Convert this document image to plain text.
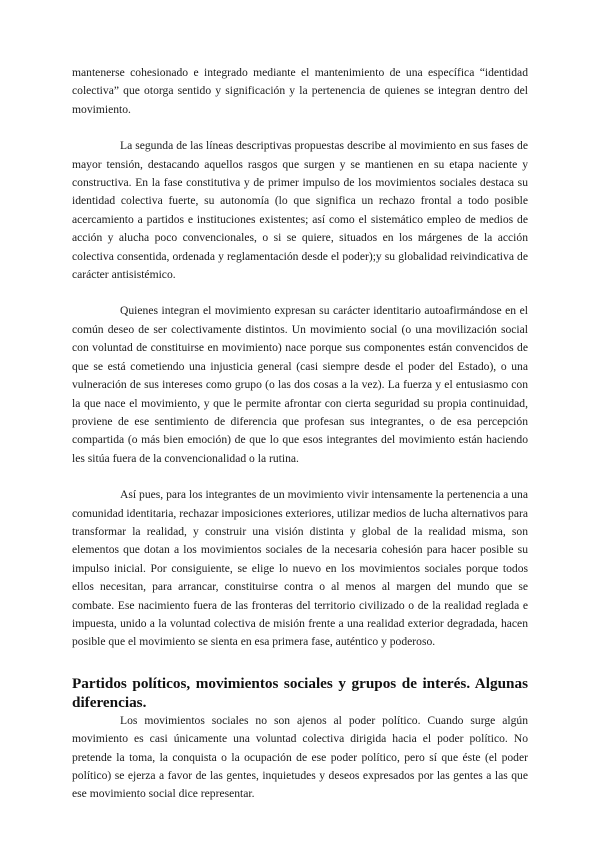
mantenerse cohesionado e integrado mediante el mantenimiento de una específica “identidad colectiva” que otorga sentido y significación y la pertenencia de quienes se integran dentro del movimiento.

La segunda de las líneas descriptivas propuestas describe al movimiento en sus fases de mayor tensión, destacando aquellos rasgos que surgen y se mantienen en su etapa naciente y constructiva. En la fase constitutiva y de primer impulso de los movimientos sociales destaca su identidad colectiva fuerte, su autonomía (lo que significa un rechazo frontal a todo posible acercamiento a partidos e instituciones existentes; así como el sistemático empleo de medios de acción y alucha poco convencionales, o si se quiere, situados en los márgenes de la acción colectiva consentida, ordenada y reglamentación desde el poder);y su globalidad reivindicativa de carácter antisistémico.

Quienes integran el movimiento expresan su carácter identitario autoafirmándose en el común deseo de ser colectivamente distintos. Un movimiento social (o una movilización social con voluntad de constituirse en movimiento) nace porque sus componentes están convencidos de que se está cometiendo una injusticia general (casi siempre desde el poder del Estado), o una vulneración de sus intereses como grupo (o las dos cosas a la vez). La fuerza y el entusiasmo con la que nace el movimiento, y que le permite afrontar con cierta seguridad su propia continuidad, proviene de ese sentimiento de diferencia que profesan sus integrantes, o de esa percepción compartida (o más bien emoción) de que lo que esos integrantes del movimiento están haciendo les sitúa fuera de la convencionalidad o la rutina.

Así pues, para los integrantes de un movimiento vivir intensamente la pertenencia a una comunidad identitaria, rechazar imposiciones exteriores, utilizar medios de lucha alternativos para transformar la realidad, y construir una visión distinta y global de la realidad misma, son elementos que dotan a los movimientos sociales de la necesaria cohesión para hacer posible su impulso inicial. Por consiguiente, se elige lo nuevo en los movimientos sociales porque todos ellos necesitan, para arrancar, constituirse contra o al menos al margen del mundo que se combate. Ese nacimiento fuera de las fronteras del territorio civilizado o de la realidad reglada e impuesta, unido a la voluntad colectiva de misión frente a una realidad exterior degradada, hacen posible que el movimiento se sienta en esa primera fase, auténtico y poderoso.

Partidos políticos, movimientos sociales y grupos de interés. Algunas diferencias.

Los movimientos sociales no son ajenos al poder político. Cuando surge algún movimiento es casi únicamente una voluntad colectiva dirigida hacia el poder político. No pretende la toma, la conquista o la ocupación de ese poder político, pero sí que éste (el poder político) se ejerza a favor de las gentes, inquietudes y deseos expresados por las gentes a las que ese movimiento social dice representar.
